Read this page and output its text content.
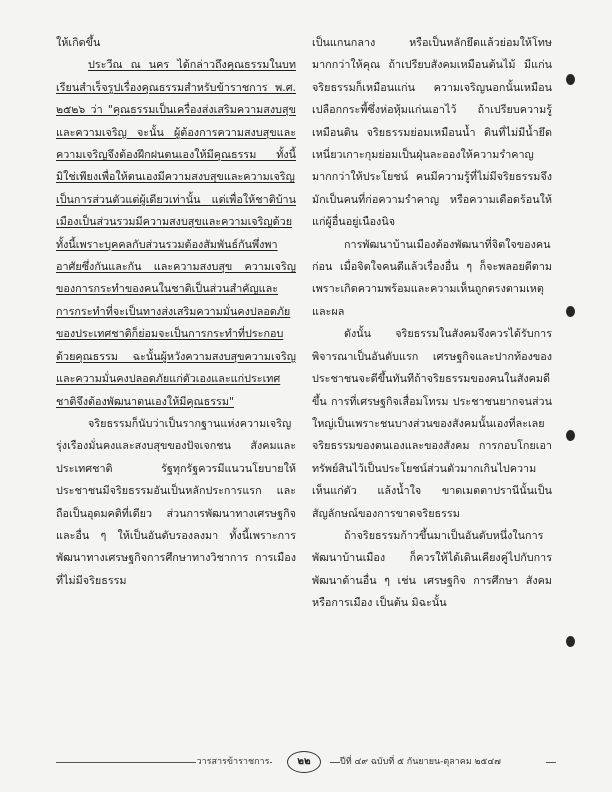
ให้เกิดขึ้น

ประวีณ ณ นคร ได้กล่าวถึงคุณธรรมในบทเรียนสำเร็จรูปเรื่องคุณธรรมสำหรับข้าราชการ พ.ศ. ๒๕๒๖ ว่า "คุณธรรมเป็นเครื่องส่งเสริมความสงบสุขและความเจริญ จะนั้น ผู้ต้องการความสงบสุขและความเจริญจึงต้องฝึกฝนตนเองให้มีคุณธรรม ทั้งนี้มิใช่เพียงเพื่อให้ตนเองมีความสงบสุขและความเจริญเป็นการส่วนตัวแต่ผู้เดียวเท่านั้น แต่เพื่อให้ชาติบ้านเมืองเป็นส่วนรวมมีความสงบสุขและความเจริญด้วย ทั้งนี้เพราะบุคคลกับส่วนรวมต้องสัมพันธ์กันพึ่งพาอาศัยซึ่งกันและกัน และความสงบสุข ความเจริญของการกระทำของคนในชาติเป็นส่วนสำคัญและการกระทำที่จะเป็นทางส่งเสริมความมั่นคงปลอดภัยของประเทศชาติก็ย่อมจะเป็นการกระทำที่ประกอบด้วยคุณธรรม ฉะนั้นผู้หวังความสงบสุขความเจริญและความมั่นคงปลอดภัยแก่ตัวเองและแก่ประเทศชาติจึงต้องพัฒนาตนเองให้มีคุณธรรม"

จริยธรรมก็นับว่าเป็นรากฐานแห่งความเจริญรุ่งเรืองมั่นคงและสงบสุขของปัจเจกชน สังคมและประเทศชาติ รัฐทุกรัฐควรมีแนวนโยบายให้ประชาชนมีจริยธรรมอันเป็นหลักประการแรก และถือเป็นอุดมคติที่เดียว ส่วนการพัฒนาทางเศรษฐกิจและอื่น ๆ ให้เป็นอันดับรองลงมา ทั้งนี้เพราะการพัฒนาทางเศรษฐกิจการศึกษาทางวิชาการ การเมือง ที่ไม่มีจริยธรรม

เป็นแกนกลาง หรือเป็นหลักยึดแล้วย่อมให้โทษมากกว่าให้คุณ ถ้าเปรียบสังคมเหมือนต้นไม้ มีแก่น จริยธรรมก็เหมือนแก่น ความเจริญนอกนั้นเหมือนเปลือกกระพี้ซึ่งห่อหุ้มแก่นเอาไว้ ถ้าเปรียบความรู้เหมือนดิน จริยธรรมย่อมเหมือนน้ำ ดินที่ไม่มีน้ำยึดเหนี่ยวเกาะกุมย่อมเป็นฝุ่นละอองให้ความรำคาญมากกว่าให้ประโยชน์ คนมีความรู้ที่ไม่มีจริยธรรมจึงมักเป็นคนที่ก่อความรำคาญ หรือความเดือดร้อนให้แก่ผู้อื่นอยู่เนืองนิจ

การพัฒนาบ้านเมืองต้องพัฒนาที่จิตใจของคนก่อน เมื่อจิตใจคนดีแล้วเรื่องอื่น ๆ ก็จะพลอยดีตามเพราะเกิดความพร้อมและความเห็นถูกตรงตามเหตุ และผล

ดังนั้น จริยธรรมในสังคมจึงควรได้รับการพิจารณาเป็นอันดับแรก เศรษฐกิจและปากท้องของประชาชนจะดีขึ้นทันทีถ้าจริยธรรมของคนในสังคมดีขึ้น การที่เศรษฐกิจเสื่อมโทรม ประชาชนยากจนส่วนใหญ่เป็นเพราะชนบางส่วนของสังคมนั้นเองที่ละเลยจริยธรรมของตนเองและของสังคม การกอบโกยเอาทรัพย์สินไว้เป็นประโยชน์ส่วนตัวมากเกินไปความเห็นแก่ตัว แล้งน้ำใจ ขาดเมตตาปรานีนั้นเป็นสัญลักษณ์ของการขาดจริยธรรม

ถ้าจริยธรรมก้าวขึ้นมาเป็นอันดับหนึ่งในการพัฒนาบ้านเมือง ก็ควรให้ได้เดินเคียงคู่ไปกับการพัฒนาด้านอื่น ๆ เช่น เศรษฐกิจ การศึกษา สังคม หรือการเมือง เป็นต้น มิฉะนั้น

วารสารข้าราชการ	๒๒	ปีที่ ๔๙ ฉบับที่ ๕ กันยายน-ตุลาคม ๒๕๔๗
